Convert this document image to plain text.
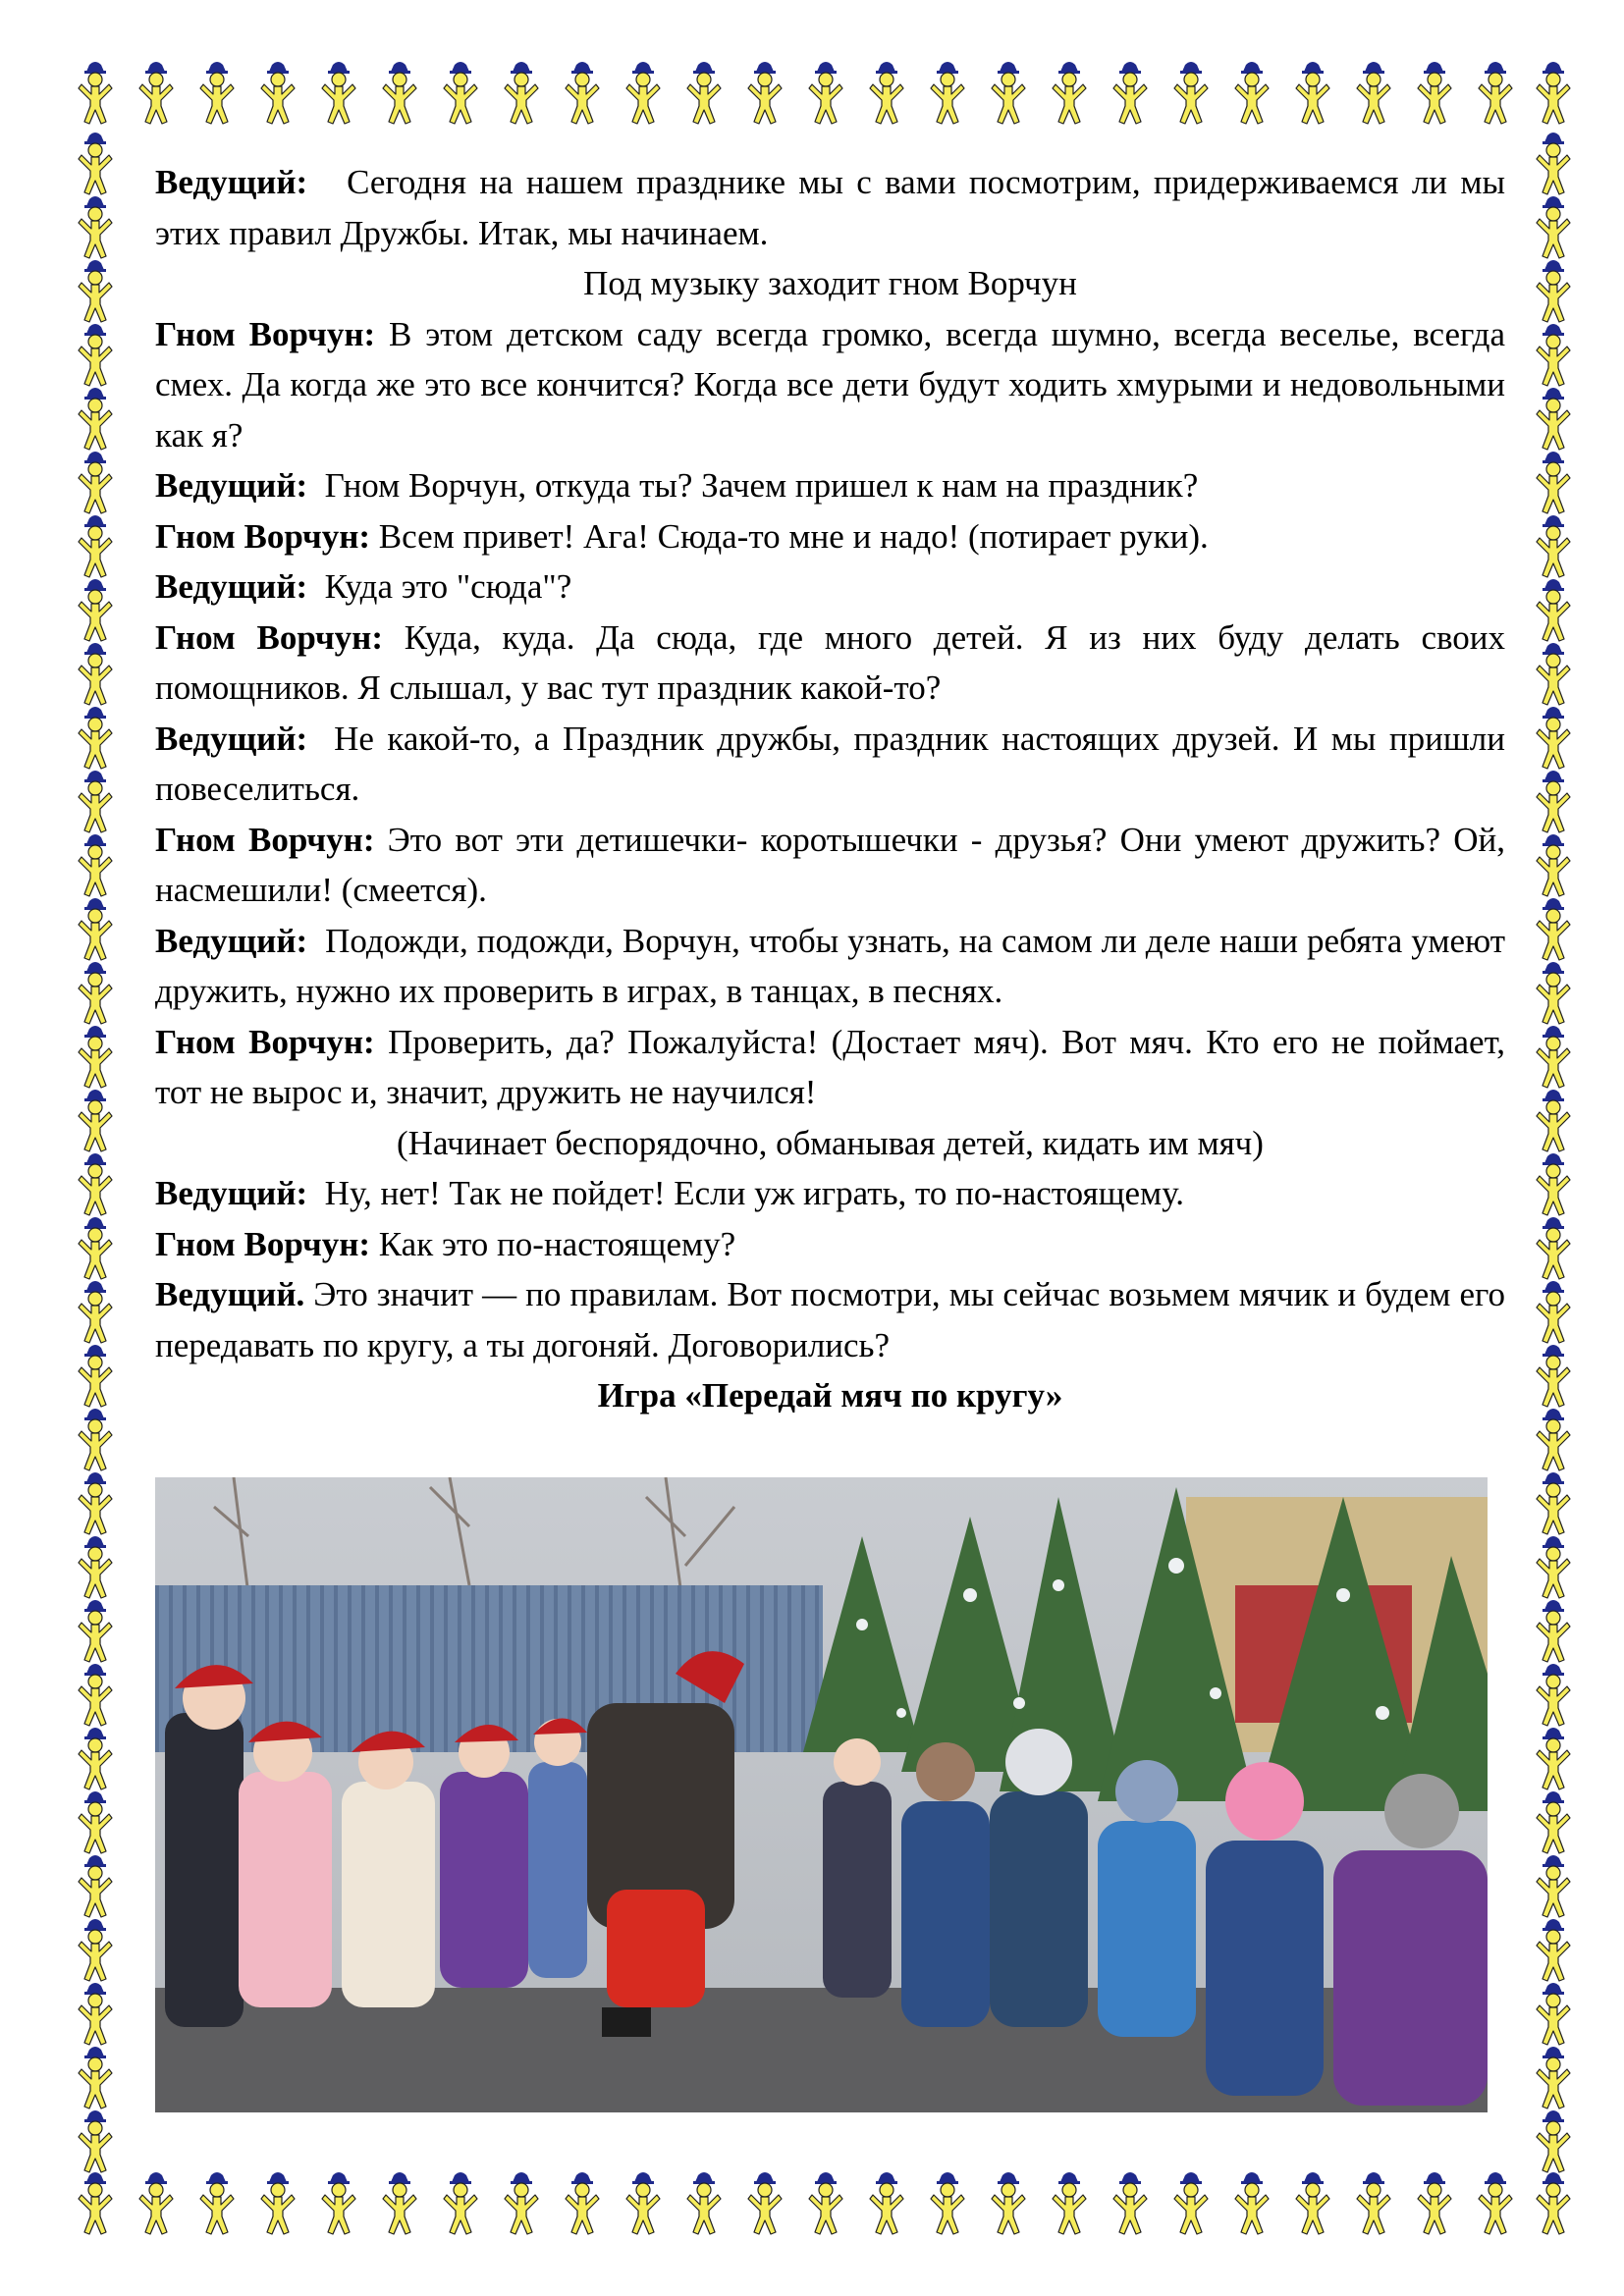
Ведущий:   Сегодня на нашем празднике мы с вами посмотрим, придерживаемся ли мы этих правил Дружбы. Итак, мы начинаем.

Под музыку заходит гном Ворчун

Гном Ворчун: В этом детском саду всегда громко, всегда шумно, всегда веселье, всегда смех. Да когда же это все кончится? Когда все дети будут ходить хмурыми и недовольными как я?

Ведущий:  Гном Ворчун, откуда ты? Зачем пришел к нам на праздник?

Гном Ворчун: Всем привет! Ага! Сюда-то мне и надо! (потирает руки).

Ведущий:  Куда это "сюда"?

Гном Ворчун: Куда, куда. Да сюда, где много детей. Я из них буду делать своих помощников. Я слышал, у вас тут праздник какой-то?

Ведущий:  Не какой-то, а Праздник дружбы, праздник настоящих друзей. И мы пришли повеселиться.

Гном Ворчун: Это вот эти детишечки- коротышечки - друзья? Они умеют дружить? Ой, насмешили! (смеется).

Ведущий:  Подожди, подожди, Ворчун, чтобы узнать, на самом ли деле наши ребята умеют дружить, нужно их проверить в играх, в танцах, в песнях.

Гном Ворчун: Проверить, да? Пожалуйста! (Достает мяч). Вот мяч. Кто его не поймает, тот не вырос и, значит, дружить не научился!

(Начинает беспорядочно, обманывая детей, кидать им мяч)

Ведущий:  Ну, нет! Так не пойдет! Если уж играть, то по-настоящему.

Гном Ворчун: Как это по-настоящему?

Ведущий. Это значит — по правилам. Вот посмотри, мы сейчас возьмем мячик и будем его передавать по кругу, а ты догоняй. Договорились?

Игра «Передай мяч по кругу»
